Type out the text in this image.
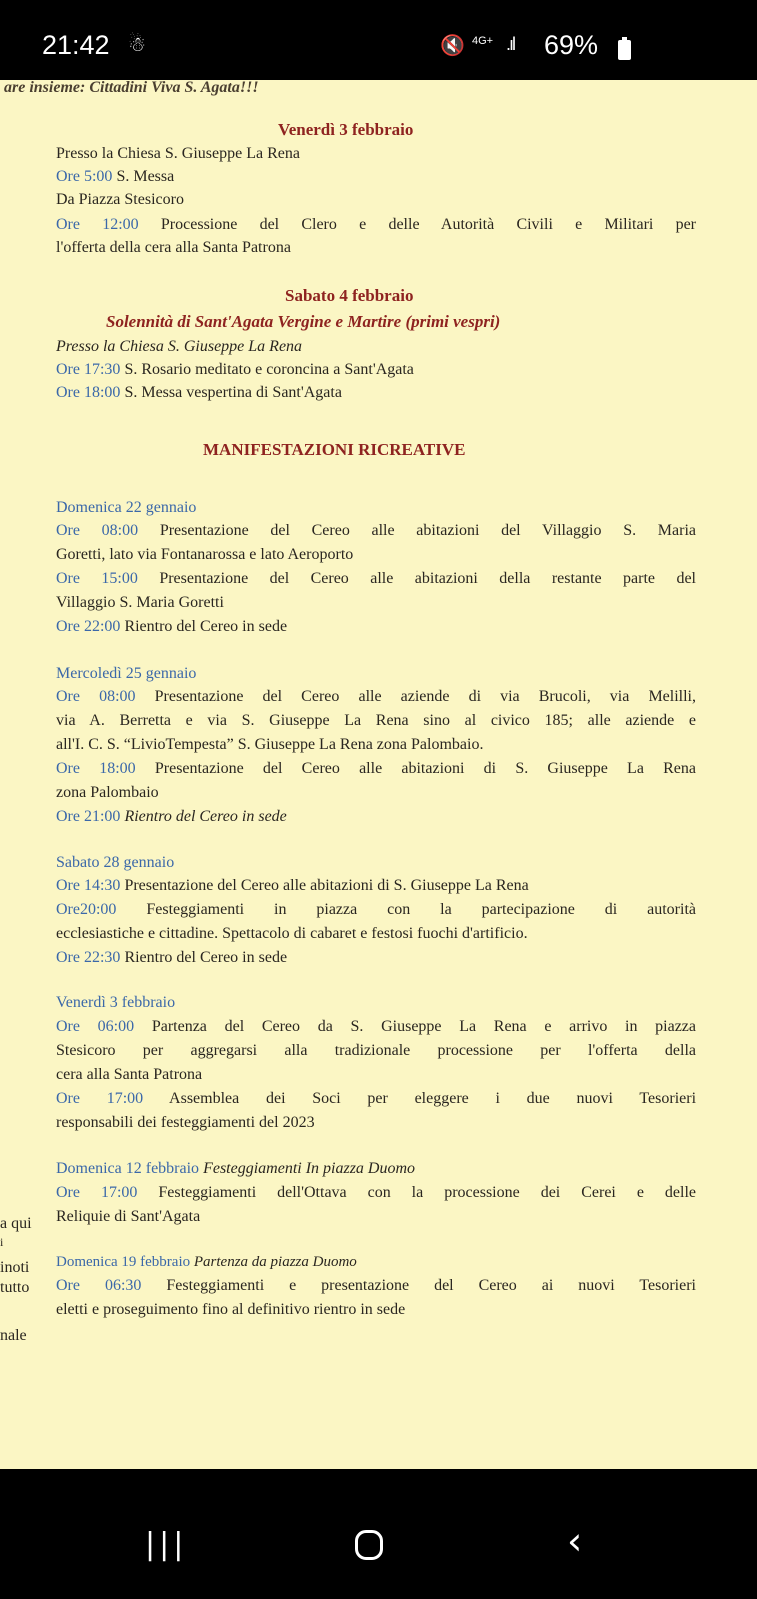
21:42 ☃	🔇 4G+ .ıl 69%
are insieme: Cittadini Viva S. Agata!!!
a qui
i
inoti
tutto
nale
Venerdì 3 febbraio
Presso la Chiesa S. Giuseppe La Rena
Ore 5:00 S. Messa
Da Piazza Stesicoro
Ore 12:00 Processione del Clero e delle Autorità Civili e Militari per
l'offerta della cera alla Santa Patrona
Sabato 4 febbraio
Solennità di Sant'Agata Vergine e Martire (primi vespri)
Presso la Chiesa S. Giuseppe La Rena
Ore 17:30 S. Rosario meditato e coroncina a Sant'Agata
Ore 18:00 S. Messa vespertina di Sant'Agata
MANIFESTAZIONI RICREATIVE
Domenica 22 gennaio
Ore 08:00 Presentazione del Cereo alle abitazioni del Villaggio S. Maria
Goretti, lato via Fontanarossa e lato Aeroporto
Ore 15:00 Presentazione del Cereo alle abitazioni della restante parte del
Villaggio S. Maria Goretti
Ore 22:00 Rientro del Cereo in sede
Mercoledì 25 gennaio
Ore 08:00 Presentazione del Cereo alle aziende di via Brucoli, via Melilli,
via A. Berretta e via S. Giuseppe La Rena sino al civico 185; alle aziende e
all'I. C. S. “LivioTempesta” S. Giuseppe La Rena zona Palombaio.
Ore 18:00 Presentazione del Cereo alle abitazioni di S. Giuseppe La Rena
zona Palombaio
Ore 21:00 Rientro del Cereo in sede
Sabato 28 gennaio
Ore 14:30 Presentazione del Cereo alle abitazioni di S. Giuseppe La Rena
Ore20:00 Festeggiamenti in piazza con la partecipazione di autorità
ecclesiastiche e cittadine. Spettacolo di cabaret e festosi fuochi d'artificio.
Ore 22:30 Rientro del Cereo in sede
Venerdì 3 febbraio
Ore 06:00 Partenza del Cereo da S. Giuseppe La Rena e arrivo in piazza
Stesicoro per aggregarsi alla tradizionale processione per l'offerta della
cera alla Santa Patrona
Ore 17:00 Assemblea dei Soci per eleggere i due nuovi Tesorieri
responsabili dei festeggiamenti del 2023
Domenica 12 febbraio Festeggiamenti In piazza Duomo
Ore 17:00 Festeggiamenti dell'Ottava con la processione dei Cerei e delle
Reliquie di Sant'Agata
Domenica 19 febbraio Partenza da piazza Duomo
Ore 06:30 Festeggiamenti e presentazione del Cereo ai nuovi Tesorieri
eletti e proseguimento fino al definitivo rientro in sede
|||	‹
